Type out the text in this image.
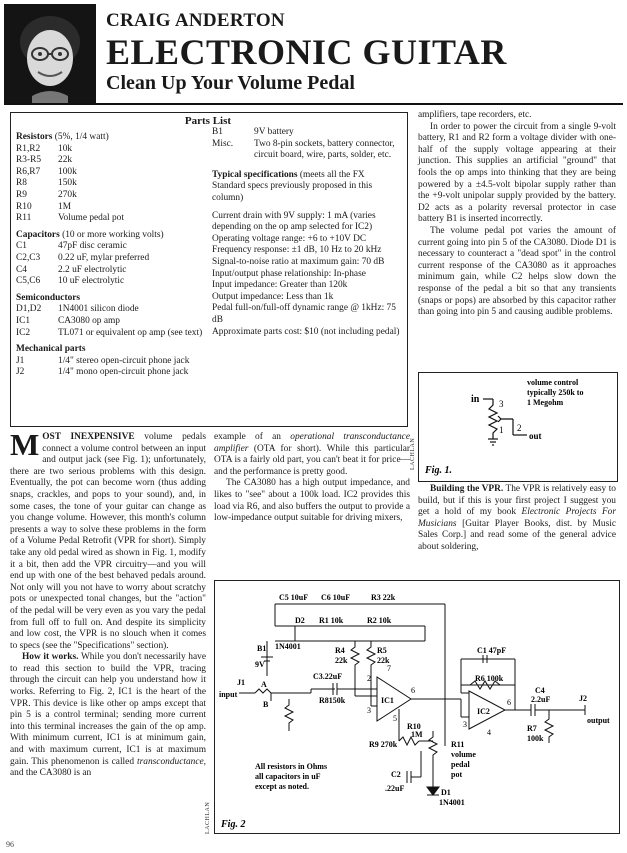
CRAIG ANDERTON
ELECTRONIC GUITAR
Clean Up Your Volume Pedal
Parts List
Resistors (5%, 1/4 watt)
R1,R2	10k
R3-R5	22k
R6,R7	100k
R8	150k
R9	270k
R10	1M
R11	Volume pedal pot
Capacitors (10 or more working volts)
C1	47pF disc ceramic
C2,C3	0.22 uF, mylar preferred
C4	2.2 uF electrolytic
C5,C6	10 uF electrolytic
Semiconductors
D1,D2	1N4001 silicon diode
IC1	CA3080 op amp
IC2	TL071 or equivalent op amp (see text)
Mechanical parts
J1	1/4" stereo open-circuit phone jack
J2	1/4" mono open-circuit phone jack
B1	9V battery
Misc.	Two 8-pin sockets, battery connector, circuit board, wire, parts, solder, etc.
Typical specifications (meets all the FX Standard specs previously proposed in this column)
Current drain with 9V supply: 1 mA (varies depending on the op amp selected for IC2)
Operating voltage range: +6 to +10V DC
Frequency response: ±1 dB, 10 Hz to 20 kHz
Signal-to-noise ratio at maximum gain: 70 dB
Input/output phase relationship: In-phase
Input impedance: Greater than 120k
Output impedance: Less than 1k
Pedal full-on/full-off dynamic range @ 1kHz: 75 dB
Approximate parts cost: $10 (not including pedal)

MOST INEXPENSIVE volume pedals connect a volume control between an input and output jack (see Fig. 1); unfortunately, there are two serious problems with this design. Eventually, the pot can become worn (thus adding snaps, crackles, and pops to your sound), and, in some cases, the tone of your guitar can change as you change volume. However, this month's column presents a way to solve these problems in the form of a Volume Pedal Retrofit (VPR for short). Simply take any old pedal wired as shown in Fig. 1, modify it a bit, then add the VPR circuitry—and you will end up with one of the best behaved pedals around. Not only will you not have to worry about scratchy pots or unexpected tonal changes, but the "action" of the pedal will be very even as you vary the pedal from full off to full on. And despite its simplicity and low cost, the VPR is no slouch when it comes to specs (see the "Specifications" section).

How it works. While you don't necessarily have to read this section to build the VPR, tracing through the circuit can help you understand how it works. Referring to Fig. 2, IC1 is the heart of the VPR. This device is like other op amps except that pin 5 is a control terminal; sending more current into this terminal increases the gain of the op amp. With minimum current, IC1 is at minimum gain, and with maximum current, IC1 is at maximum gain. This phenomenon is called transconductance, and the CA3080 is an

example of an operational transconductance amplifier (OTA for short). While this particular OTA is a fairly old part, you can't beat it for price—and the performance is pretty good.

The CA3080 has a high output impedance, and likes to "see" about a 100k load. IC2 provides this load via R6, and also buffers the output to provide a low-impedance output suitable for driving mixers,

amplifiers, tape recorders, etc.

In order to power the circuit from a single 9-volt battery, R1 and R2 form a voltage divider with one-half of the supply voltage appearing at their junction. This supplies an artificial "ground" that fools the op amps into thinking that they are being powered by a ±4.5-volt bipolar supply rather than the +9-volt unipolar supply provided by the battery. D2 acts as a polarity reversal protector in case battery B1 is inserted incorrectly.

The volume pedal pot varies the amount of current going into pin 5 of the CA3080. Diode D1 is necessary to counteract a "dead spot" in the control current response of the CA3080 as it approaches minimum gain, while C2 helps slow down the response of the pedal a bit so that any transients (snaps or pops) are absorbed by this capacitor rather than going into pin 5 and causing audible problems.

Building the VPR. The VPR is relatively easy to build, but if this is your first project I suggest you get a hold of my book Electronic Projects For Musicians [Guitar Player Books, dist. by Music Sales Corp.] and read some of the general advice about soldering,

in 3
1 2
out
volume control
typically 250k to
1 Megohm
Fig. 1.
LACHLAN
C5 10uF C6 10uF	R3 22k
D2 R1 10k	R2 10k
B1 1N4001
9V
R4
22k
R5
22k
J1
input
A
B
C3.22uF
R8150k	IC1
IC2
C1 47pF
R6 100k
C4
2.2uF	J2
output
R7
100k
R9 270k
R10
1M
R11
volume
pedal
pot
C2
.22uF	D1
1N4001
2
3
5
6
7
3
4
6
All resistors in Ohms
all capacitors in uF
except as noted.
Fig. 2
LACHLAN
96
